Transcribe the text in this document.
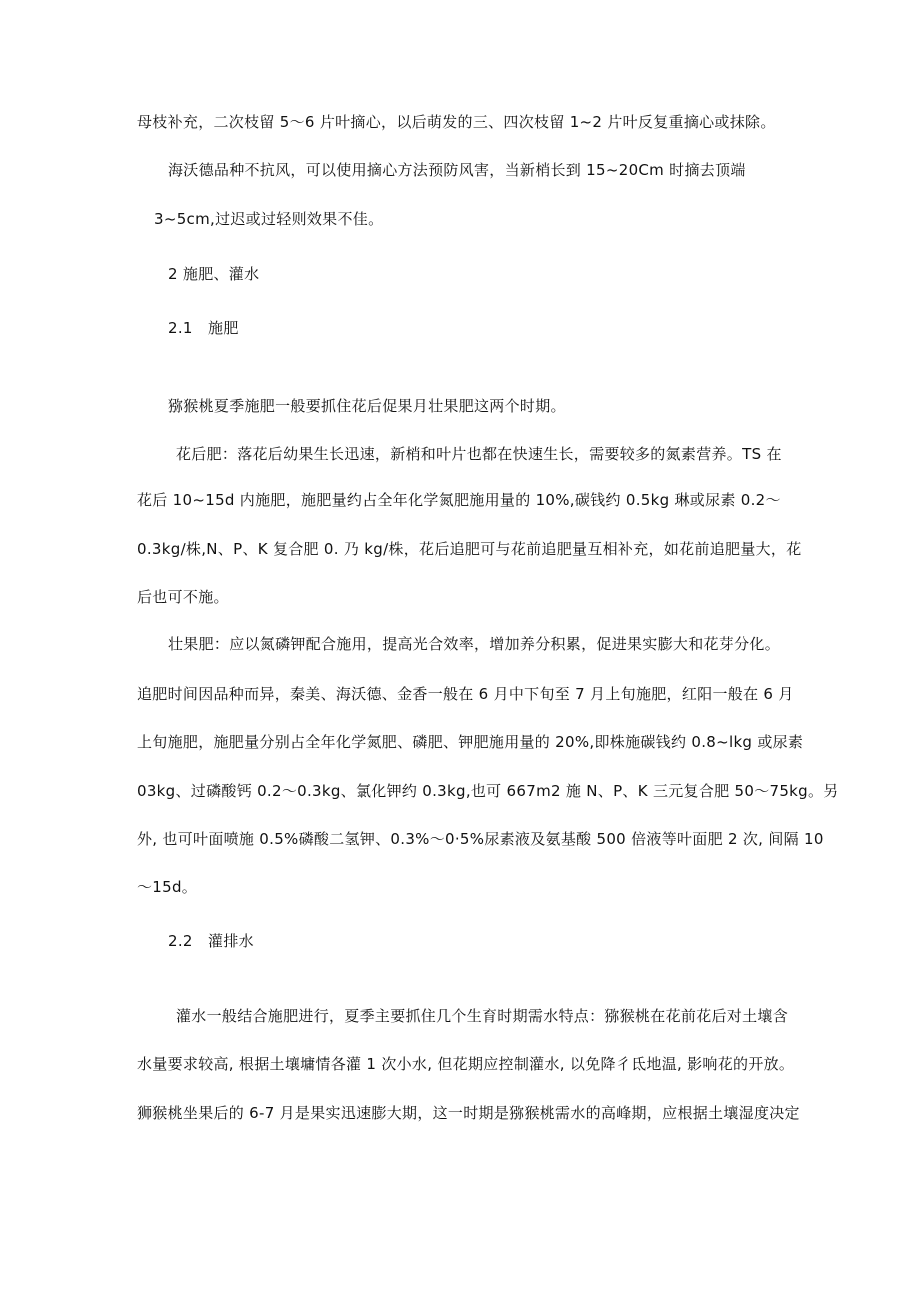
母枝补充，二次枝留 5～6 片叶摘心，以后萌发的三、四次枝留 1~2 片叶反复重摘心或抹除。
海沃德品种不抗风，可以使用摘心方法预防风害，当新梢长到 15~20Cm 时摘去顶端
3~5cm,过迟或过轻则效果不佳。
2 施肥、灌水
2.1　施肥
猕猴桃夏季施肥一般要抓住花后促果月壮果肥这两个时期。
花后肥：落花后幼果生长迅速，新梢和叶片也都在快速生长，需要较多的氮素营养。TS 在
花后 10~15d 内施肥，施肥量约占全年化学氮肥施用量的 10%,碳钱约 0.5kg 琳或尿素 0.2～
0.3kg∕株,N、P、K 复合肥 0. 乃 kg∕株，花后追肥可与花前追肥量互相补充，如花前追肥量大，花
后也可不施。
壮果肥：应以氮磷钾配合施用，提高光合效率，增加养分积累，促进果实膨大和花芽分化。
追肥时间因品种而异，秦美、海沃德、金香一般在 6 月中下旬至 7 月上旬施肥，红阳一般在 6 月
上旬施肥，施肥量分别占全年化学氮肥、磷肥、钾肥施用量的 20%,即株施碳钱约 0.8~lkg 或尿素
03kg、过磷酸钙 0.2～0.3kg、氯化钾约 0.3kg,也可 667m2 施 N、P、K 三元复合肥 50～75kg。另
外, 也可叶面喷施 0.5%磷酸二氢钾、0.3%～0·5%尿素液及氨基酸 500 倍液等叶面肥 2 次, 间隔 10
～15d。
2.2　灌排水
灌水一般结合施肥进行，夏季主要抓住几个生育时期需水特点：猕猴桃在花前花后对土壤含
水量要求较高, 根据土壤墉情各灌 1 次小水, 但花期应控制灌水, 以免降彳氐地温, 影响花的开放。
狮猴桃坐果后的 6-7 月是果实迅速膨大期，这一时期是猕猴桃需水的高峰期，应根据土壤湿度决定
